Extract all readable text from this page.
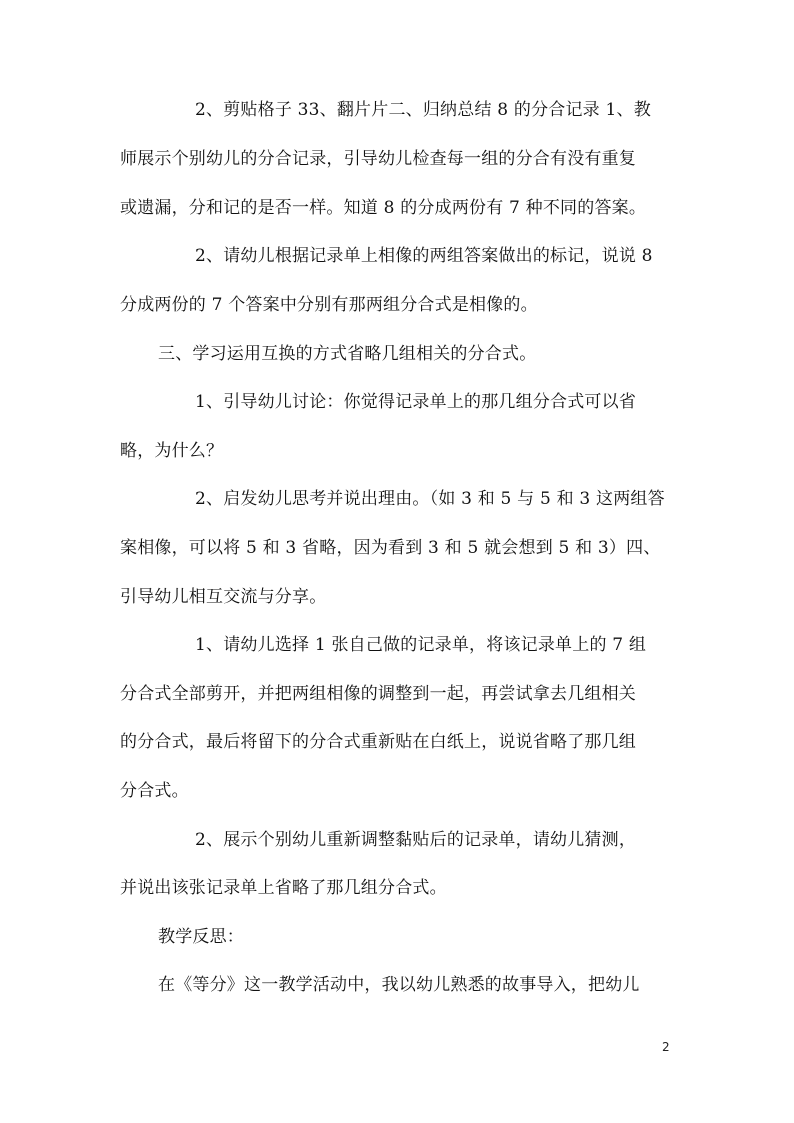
2、剪贴格子 33、翻片片二、归纳总结 8 的分合记录 1、教
师展示个别幼儿的分合记录，引导幼儿检查每一组的分合有没有重复
或遗漏，分和记的是否一样。知道 8 的分成两份有 7 种不同的答案。
2、请幼儿根据记录单上相像的两组答案做出的标记，说说 8
分成两份的 7 个答案中分别有那两组分合式是相像的。
三、学习运用互换的方式省略几组相关的分合式。
1、引导幼儿讨论：你觉得记录单上的那几组分合式可以省
略，为什么？
2、启发幼儿思考并说出理由。（如 3 和 5 与 5 和 3 这两组答
案相像，可以将 5 和 3 省略，因为看到 3 和 5 就会想到 5 和 3）四、
引导幼儿相互交流与分享。
1、请幼儿选择 1 张自己做的记录单，将该记录单上的 7 组
分合式全部剪开，并把两组相像的调整到一起，再尝试拿去几组相关
的分合式，最后将留下的分合式重新贴在白纸上，说说省略了那几组
分合式。
2、展示个别幼儿重新调整黏贴后的记录单，请幼儿猜测，
并说出该张记录单上省略了那几组分合式。
教学反思：
在《等分》这一教学活动中，我以幼儿熟悉的故事导入，把幼儿
2
